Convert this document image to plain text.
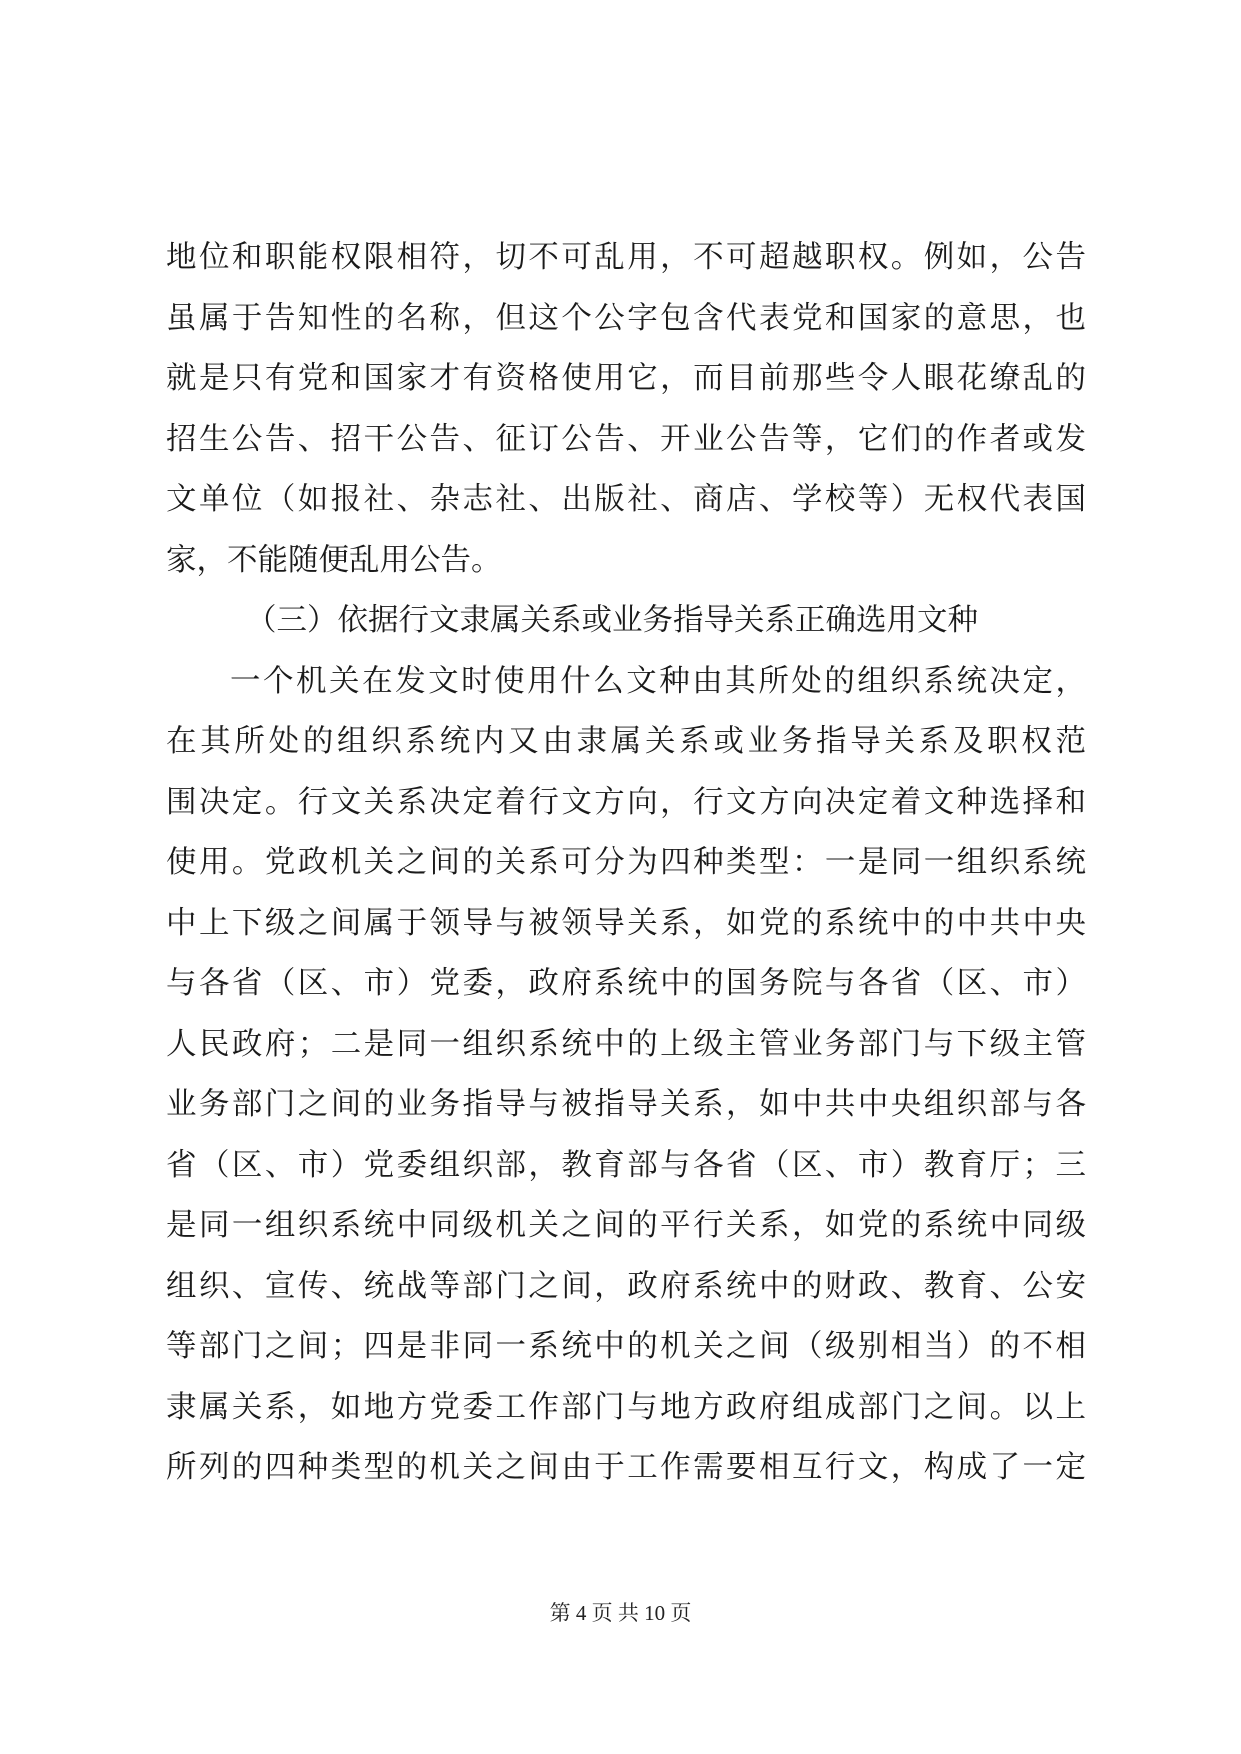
地位和职能权限相符，切不可乱用，不可超越职权。例如，公告
虽属于告知性的名称，但这个公字包含代表党和国家的意思，也
就是只有党和国家才有资格使用它，而目前那些令人眼花缭乱的
招生公告、招干公告、征订公告、开业公告等，它们的作者或发
文单位（如报社、杂志社、出版社、商店、学校等）无权代表国
家，不能随便乱用公告。
（三）依据行文隶属关系或业务指导关系正确选用文种
一个机关在发文时使用什么文种由其所处的组织系统决定，
在其所处的组织系统内又由隶属关系或业务指导关系及职权范
围决定。行文关系决定着行文方向，行文方向决定着文种选择和
使用。党政机关之间的关系可分为四种类型：一是同一组织系统
中上下级之间属于领导与被领导关系，如党的系统中的中共中央
与各省（区、市）党委，政府系统中的国务院与各省（区、市）
人民政府；二是同一组织系统中的上级主管业务部门与下级主管
业务部门之间的业务指导与被指导关系，如中共中央组织部与各
省（区、市）党委组织部，教育部与各省（区、市）教育厅；三
是同一组织系统中同级机关之间的平行关系，如党的系统中同级
组织、宣传、统战等部门之间，政府系统中的财政、教育、公安
等部门之间；四是非同一系统中的机关之间（级别相当）的不相
隶属关系，如地方党委工作部门与地方政府组成部门之间。以上
所列的四种类型的机关之间由于工作需要相互行文，构成了一定
第 4 页 共 10 页
